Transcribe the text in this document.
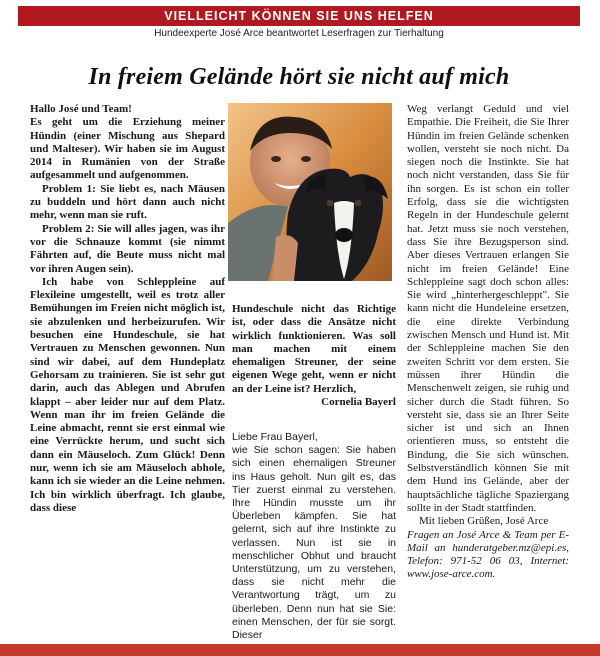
VIELLEICHT KÖNNEN SIE UNS HELFEN
Hundeexperte José Arce beantwortet Leserfragen zur Tierhaltung
In freiem Gelände hört sie nicht auf mich

Hallo José und Team!

Es geht um die Erziehung meiner Hündin (einer Mischung aus Shepard und Malteser). Wir haben sie im August 2014 in Rumänien von der Straße aufgesammelt und aufgenommen.

Problem 1: Sie liebt es, nach Mäusen zu buddeln und hört dann auch nicht mehr, wenn man sie ruft.

Problem 2: Sie will alles jagen, was ihr vor die Schnauze kommt (sie nimmt Fährten auf, die Beute muss nicht mal vor ihren Augen sein).

Ich habe von Schleppleine auf Flexileine umgestellt, weil es trotz aller Bemühungen im Freien nicht möglich ist, sie abzulenken und herbeizurufen. Wir besuchen eine Hundeschule, sie hat Vertrauen zu Menschen gewonnen. Nun sind wir dabei, auf dem Hundeplatz Gehorsam zu trainieren. Sie ist sehr gut darin, auch das Ablegen und Abrufen klappt – aber leider nur auf dem Platz. Wenn man ihr im freien Gelände die Leine abmacht, rennt sie erst einmal wie eine Verrückte herum, und sucht sich dann ein Mäuseloch. Zum Glück! Denn nur, wenn ich sie am Mäuseloch abhole, kann ich sie wieder an die Leine nehmen. Ich bin wirklich überfragt. Ich glaube, dass diese

Hundeschule nicht das Richtige ist, oder dass die Ansätze nicht wirklich funktionieren. Was soll man machen mit einem ehemaligen Streuner, der seine eigenen Wege geht, wenn er nicht an der Leine ist? Herzlich,

Cornelia Bayerl

Liebe Frau Bayerl,

wie Sie schon sagen: Sie haben sich einen ehemaligen Streuner ins Haus geholt. Nun gilt es, das Tier zuerst einmal zu verstehen. Ihre Hündin musste um ihr Überleben kämpfen. Sie hat gelernt, sich auf ihre Instinkte zu verlassen. Nun ist sie in menschlicher Obhut und braucht Unterstützung, um zu verstehen, dass sie nicht mehr die Verantwortung trägt, um zu überleben. Denn nun hat sie Sie: einen Menschen, der für sie sorgt. Dieser

Weg verlangt Geduld und viel Empathie. Die Freiheit, die Sie Ihrer Hündin im freien Gelände schenken wollen, versteht sie noch nicht. Da siegen noch die Instinkte. Sie hat noch nicht verstanden, dass Sie für ihn sorgen. Es ist schon ein toller Erfolg, dass sie die wichtigsten Regeln in der Hundeschule gelernt hat. Jetzt muss sie noch verstehen, dass Sie ihre Bezugsperson sind. Aber dieses Vertrauen erlangen Sie nicht im freien Gelände! Eine Schleppleine sagt doch schon alles: Sie wird „hinterhergeschleppt". Sie kann nicht die Hundeleine ersetzen, die eine direkte Verbindung zwischen Mensch und Hund ist. Mit der Schleppleine machen Sie den zweiten Schritt vor dem ersten. Sie müssen ihrer Hündin die Menschenwelt zeigen, sie ruhig und sicher durch die Stadt führen. So versteht sie, dass sie an Ihrer Seite sicher ist und sich an Ihnen orientieren muss, so entsteht die Bindung, die Sie sich wünschen. Selbstverständlich können Sie mit dem Hund ins Gelände, aber der hauptsächliche tägliche Spaziergang sollte in der Stadt stattfinden.

Mit lieben Grüßen, José Arce

Fragen an José Arce & Team per E-Mail an hunderatgeber.mz@epi.es, Telefon: 971-52 06 03, Internet: www.jose-arce.com.
